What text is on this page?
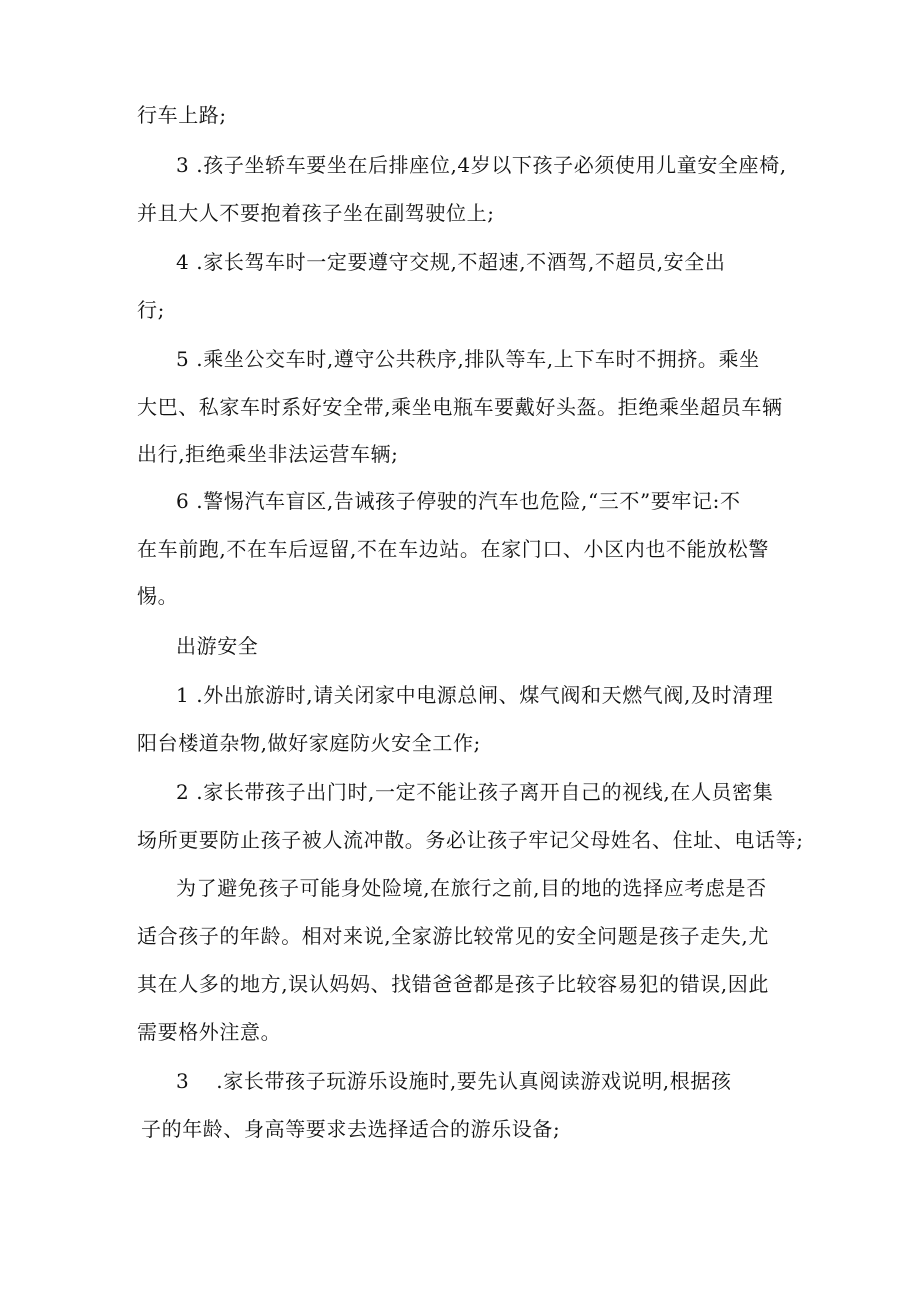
行车上路;
3 .孩子坐轿车要坐在后排座位,4岁以下孩子必须使用儿童安全座椅,
并且大人不要抱着孩子坐在副驾驶位上;
4 .家长驾车时一定要遵守交规,不超速,不酒驾,不超员,安全出
行;
5 .乘坐公交车时,遵守公共秩序,排队等车,上下车时不拥挤。乘坐
大巴、私家车时系好安全带,乘坐电瓶车要戴好头盔。拒绝乘坐超员车辆
出行,拒绝乘坐非法运营车辆;
6 .警惕汽车盲区,告诫孩子停驶的汽车也危险,“三不”要牢记:不
在车前跑,不在车后逗留,不在车边站。在家门口、小区内也不能放松警
惕。
出游安全
1 .外出旅游时,请关闭家中电源总闸、煤气阀和天燃气阀,及时清理
阳台楼道杂物,做好家庭防火安全工作;
2 .家长带孩子出门时,一定不能让孩子离开自己的视线,在人员密集
场所更要防止孩子被人流冲散。务必让孩子牢记父母姓名、住址、电话等;
为了避免孩子可能身处险境,在旅行之前,目的地的选择应考虑是否
适合孩子的年龄。相对来说,全家游比较常见的安全问题是孩子走失,尤
其在人多的地方,误认妈妈、找错爸爸都是孩子比较容易犯的错误,因此
需要格外注意。
3 .家长带孩子玩游乐设施时,要先认真阅读游戏说明,根据孩
子的年龄、身高等要求去选择适合的游乐设备;
